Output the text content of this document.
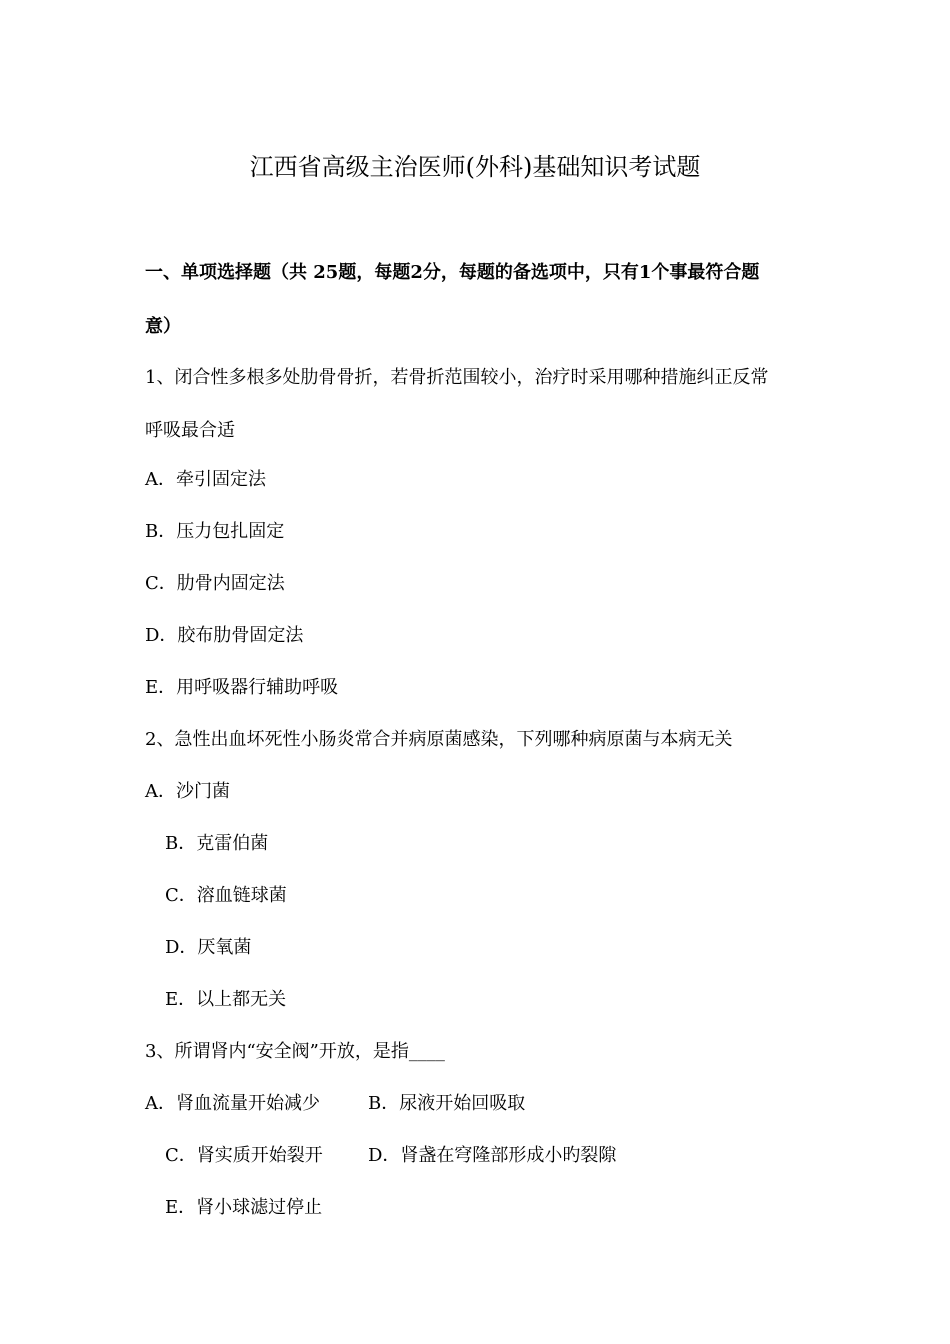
江西省高级主治医师(外科)基础知识考试题
一、单项选择题（共 25题，每题2分，每题的备选项中，只有1个事最符合题
意）
1、闭合性多根多处肋骨骨折，若骨折范围较小，治疗时采用哪种措施纠正反常
呼吸最合适
A．牵引固定法
B．压力包扎固定
C．肋骨内固定法
D．胶布肋骨固定法
E．用呼吸器行辅助呼吸
2、急性出血坏死性小肠炎常合并病原菌感染，下列哪种病原菌与本病无关
A．沙门菌
B．克雷伯菌
C．溶血链球菌
D．厌氧菌
E．以上都无关
3、所谓肾内“安全阀”开放，是指____
A．肾血流量开始减少	B．尿液开始回吸取
C．肾实质开始裂开	D．肾盏在穹隆部形成小旳裂隙
E．肾小球滤过停止
